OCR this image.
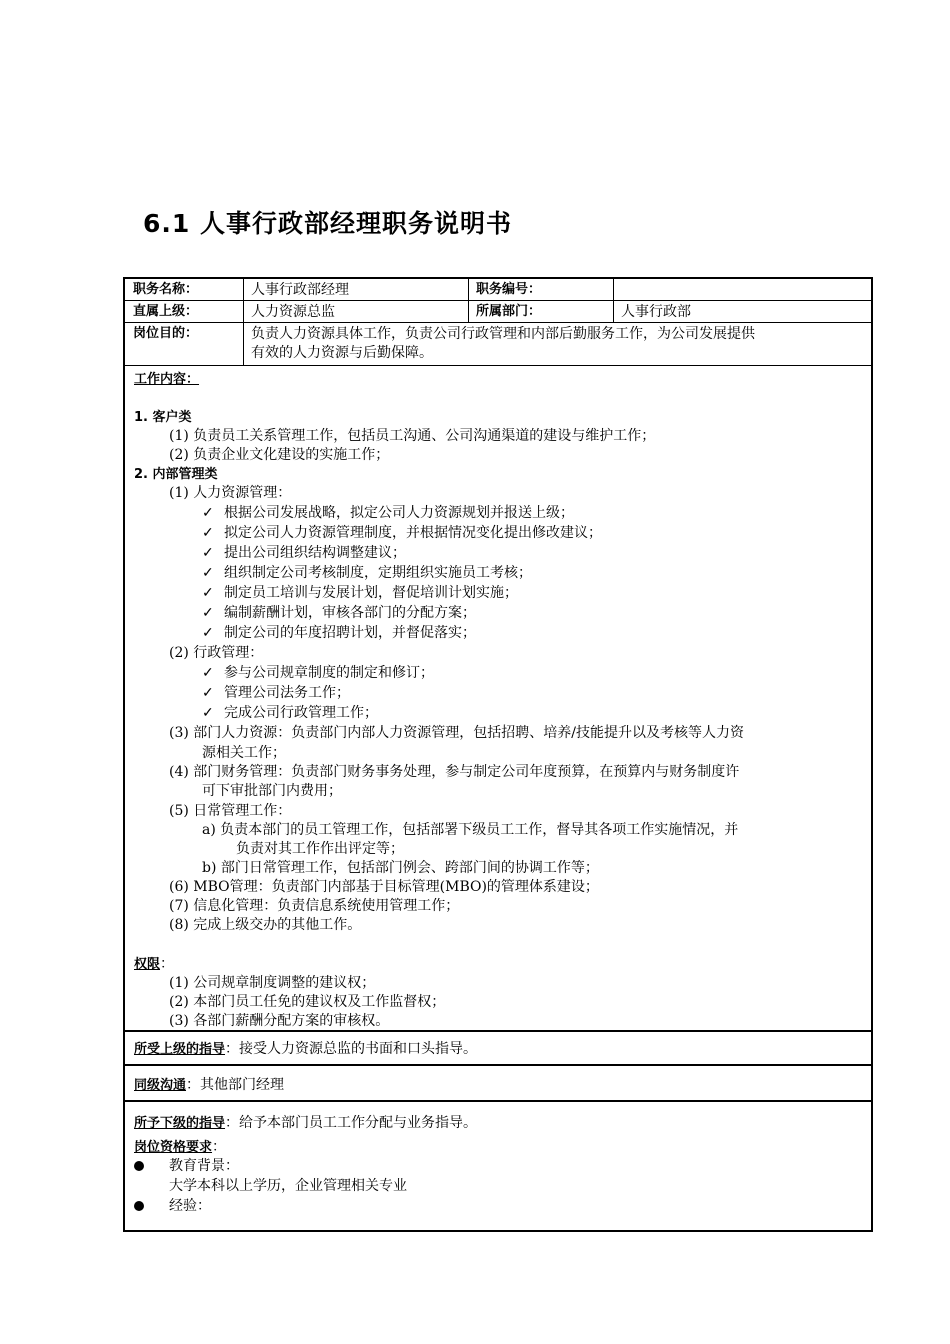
6.1 人事行政部经理职务说明书
职务名称：	人事行政部经理	职务编号：
直属上级：	人力资源总监	所属部门：	人事行政部
岗位目的：	负责人力资源具体工作，负责公司行政管理和内部后勤服务工作，为公司发展提供
有效的人力资源与后勤保障。
工作内容：
1. 客户类
(1) 负责员工关系管理工作，包括员工沟通、公司沟通渠道的建设与维护工作；
(2) 负责企业文化建设的实施工作；
2. 内部管理类
(1) 人力资源管理：
✓ 根据公司发展战略，拟定公司人力资源规划并报送上级；
✓ 拟定公司人力资源管理制度，并根据情况变化提出修改建议；
✓ 提出公司组织结构调整建议；
✓ 组织制定公司考核制度，定期组织实施员工考核；
✓ 制定员工培训与发展计划，督促培训计划实施；
✓ 编制薪酬计划，审核各部门的分配方案；
✓ 制定公司的年度招聘计划，并督促落实；
(2) 行政管理：
✓ 参与公司规章制度的制定和修订；
✓ 管理公司法务工作；
✓ 完成公司行政管理工作；
(3) 部门人力资源：负责部门内部人力资源管理，包括招聘、培养/技能提升以及考核等人力资
源相关工作；
(4) 部门财务管理：负责部门财务事务处理，参与制定公司年度预算，在预算内与财务制度许
可下审批部门内费用；
(5) 日常管理工作：
a) 负责本部门的员工管理工作，包括部署下级员工工作，督导其各项工作实施情况，并
负责对其工作作出评定等；
b) 部门日常管理工作，包括部门例会、跨部门间的协调工作等；
(6) MBO管理：负责部门内部基于目标管理(MBO)的管理体系建设；
(7) 信息化管理：负责信息系统使用管理工作；
(8) 完成上级交办的其他工作。
权限：
(1) 公司规章制度调整的建议权；
(2) 本部门员工任免的建议权及工作监督权；
(3) 各部门薪酬分配方案的审核权。
所受上级的指导：接受人力资源总监的书面和口头指导。
同级沟通：其他部门经理
所予下级的指导：给予本部门员工工作分配与业务指导。
岗位资格要求：
教育背景：
大学本科以上学历，企业管理相关专业
经验：
